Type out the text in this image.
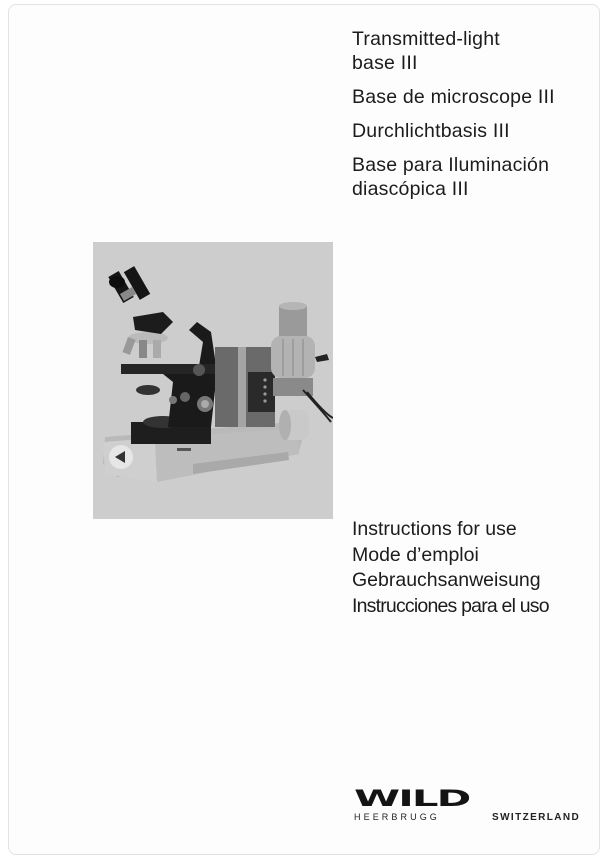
Transmitted-light
base III
Base de microscope III
Durchlichtbasis III
Base para Iluminación
diascópica III
Instructions for use
Mode d’emploi
Gebrauchsanweisung
Instrucciones para el uso
WILD
HEERBRUGG	SWITZERLAND
